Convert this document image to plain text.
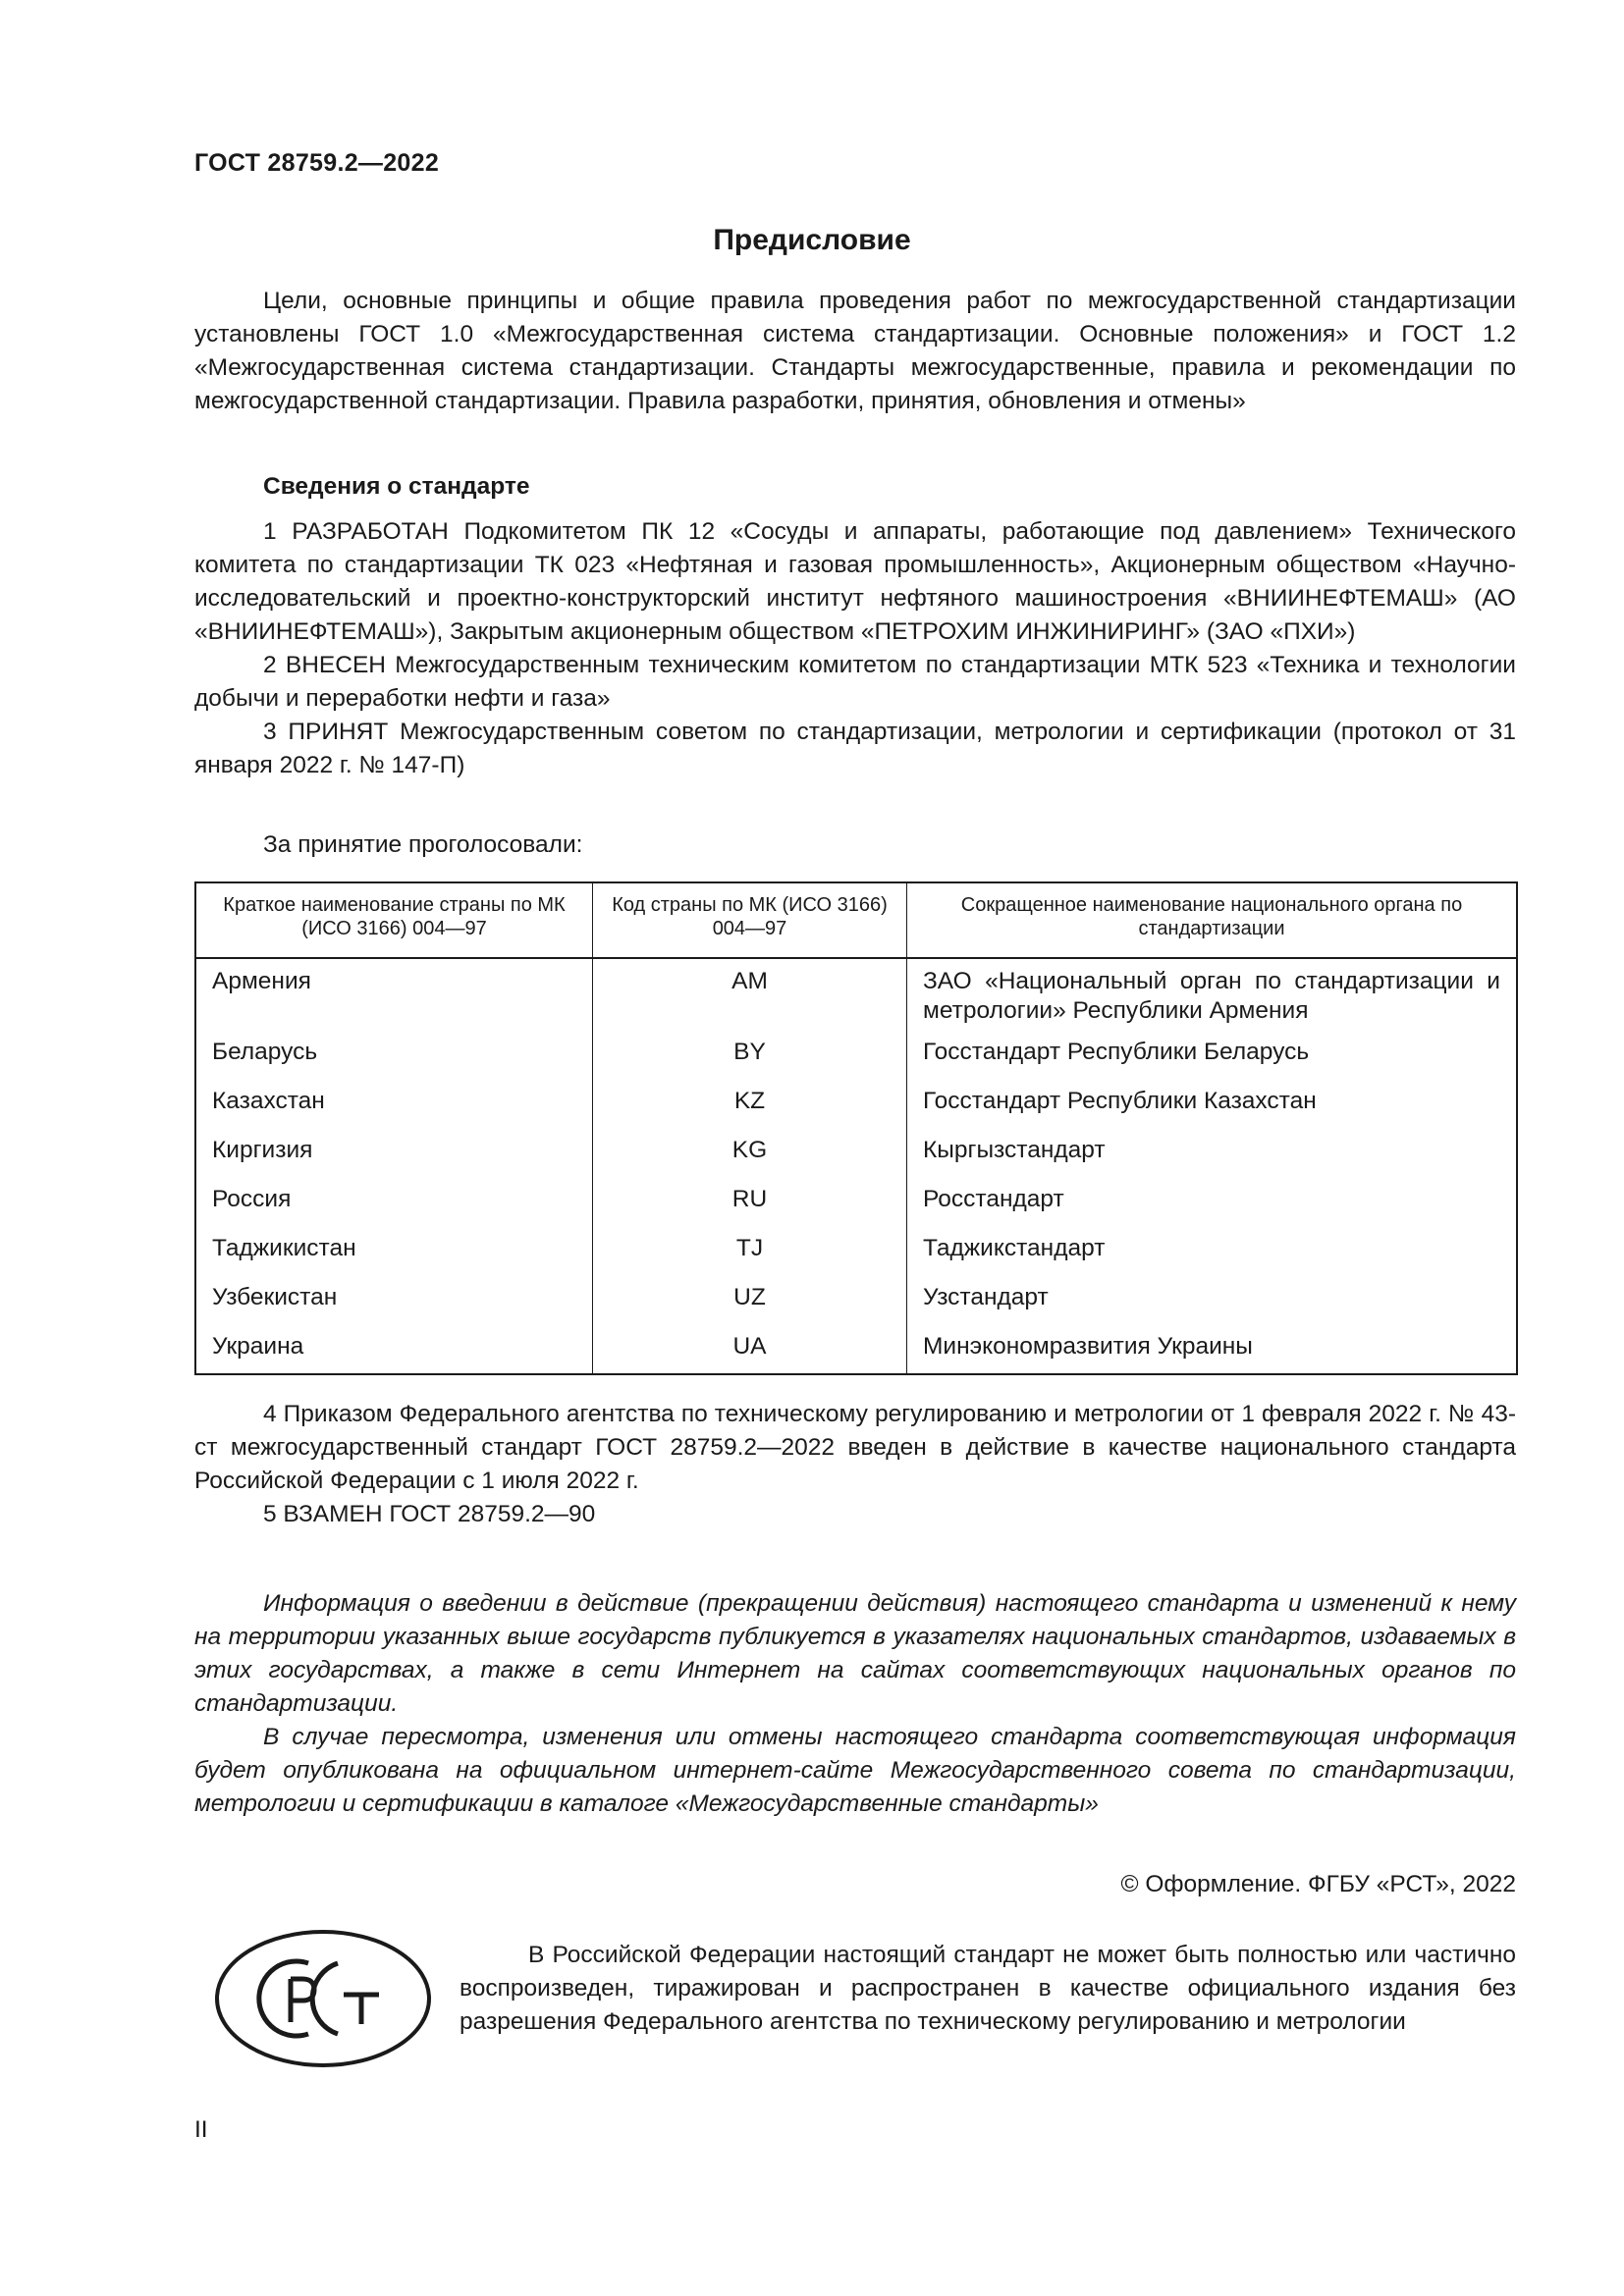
ГОСТ 28759.2—2022
Предисловие

Цели, основные принципы и общие правила проведения работ по межгосударственной стандартизации установлены ГОСТ 1.0 «Межгосударственная система стандартизации. Основные положения» и ГОСТ 1.2 «Межгосударственная система стандартизации. Стандарты межгосударственные, правила и рекомендации по межгосударственной стандартизации. Правила разработки, принятия, обновления и отмены»

Сведения о стандарте

1 РАЗРАБОТАН Подкомитетом ПК 12 «Сосуды и аппараты, работающие под давлением» Технического комитета по стандартизации ТК 023 «Нефтяная и газовая промышленность», Акционерным обществом «Научно-исследовательский и проектно-конструкторский институт нефтяного машиностроения «ВНИИНЕФТЕМАШ» (АО «ВНИИНЕФТЕМАШ»), Закрытым акционерным обществом «ПЕТРОХИМ ИНЖИНИРИНГ» (ЗАО «ПХИ»)

2 ВНЕСЕН Межгосударственным техническим комитетом по стандартизации МТК 523 «Техника и технологии добычи и переработки нефти и газа»

3 ПРИНЯТ Межгосударственным советом по стандартизации, метрологии и сертификации (протокол от 31 января 2022 г. № 147-П)

За принятие проголосовали:
Краткое наименование страны по МК (ИСО 3166) 004—97	Код страны по МК (ИСО 3166) 004—97	Сокращенное наименование национального органа по стандартизации
Армения	AM	ЗАО «Национальный орган по стандартизации и метрологии» Республики Армения
Беларусь	BY	Госстандарт Республики Беларусь
Казахстан	KZ	Госстандарт Республики Казахстан
Киргизия	KG	Кыргызстандарт
Россия	RU	Росстандарт
Таджикистан	TJ	Таджикстандарт
Узбекистан	UZ	Узстандарт
Украина	UA	Минэкономразвития Украины

4 Приказом Федерального агентства по техническому регулированию и метрологии от 1 февраля 2022 г. № 43-ст межгосударственный стандарт ГОСТ 28759.2—2022 введен в действие в качестве национального стандарта Российской Федерации с 1 июля 2022 г.

5 ВЗАМЕН ГОСТ 28759.2—90

Информация о введении в действие (прекращении действия) настоящего стандарта и изменений к нему на территории указанных выше государств публикуется в указателях национальных стандартов, издаваемых в этих государствах, а также в сети Интернет на сайтах соответствующих национальных органов по стандартизации.

В случае пересмотра, изменения или отмены настоящего стандарта соответствующая информация будет опубликована на официальном интернет-сайте Межгосударственного совета по стандартизации, метрологии и сертификации в каталоге «Межгосударственные стандарты»

© Оформление. ФГБУ «РСТ», 2022

В Российской Федерации настоящий стандарт не может быть полностью или частично воспроизведен, тиражирован и распространен в качестве официального издания без разрешения Федерального агентства по техническому регулированию и метрологии

II
